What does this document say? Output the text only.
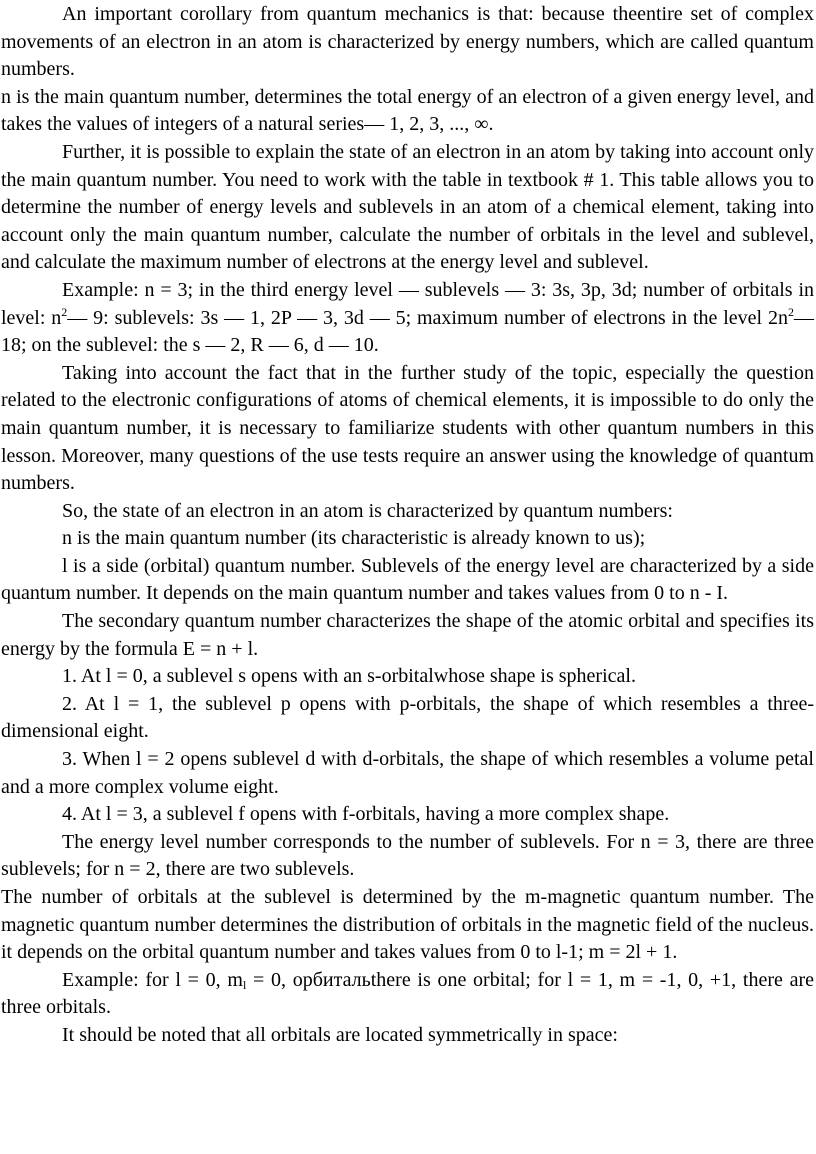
An important corollary from quantum mechanics is that: because theentire set of complex movements of an electron in an atom is characterized by energy numbers, which are called quantum numbers.

n is the main quantum number, determines the total energy of an electron of a given energy level, and takes the values of integers of a natural series— 1, 2, 3, ..., ∞.

Further, it is possible to explain the state of an electron in an atom by taking into account only the main quantum number. You need to work with the table in textbook # 1. This table allows you to determine the number of energy levels and sublevels in an atom of a chemical element, taking into account only the main quantum number, calculate the number of orbitals in the level and sublevel, and calculate the maximum number of electrons at the energy level and sublevel.

Example: n = 3; in the third energy level — sublevels — 3: 3s, 3p, 3d; number of orbitals in level: $n^2—$ 9: sublevels: 3s — 1, 2P — 3, 3d — 5; maximum number of electrons in the level $2n^2—$ 18; on the sublevel: the s — 2, R — 6, d — 10.

Taking into account the fact that in the further study of the topic, especially the question related to the electronic configurations of atoms of chemical elements, it is impossible to do only the main quantum number, it is necessary to familiarize students with other quantum numbers in this lesson. Moreover, many questions of the use tests require an answer using the knowledge of quantum numbers.

So, the state of an electron in an atom is characterized by quantum numbers:

n is the main quantum number (its characteristic is already known to us);

l is a side (orbital) quantum number. Sublevels of the energy level are characterized by a side quantum number. It depends on the main quantum number and takes values from 0 to n - I.

The secondary quantum number characterizes the shape of the atomic orbital and specifies its energy by the formula E = n + l.

1. At l = 0, a sublevel s opens with an s-orbitalwhose shape is spherical.

2. At l = 1, the sublevel p opens with p-orbitals, the shape of which resembles a three-dimensional eight.

3. When l = 2 opens sublevel d with d-orbitals, the shape of which resembles a volume petal and a more complex volume eight.

4. At l = 3, a sublevel f opens with f-orbitals, having a more complex shape.

The energy level number corresponds to the number of sublevels. For n = 3, there are three sublevels; for n = 2, there are two sublevels.

The number of orbitals at the sublevel is determined by the m-magnetic quantum number. The magnetic quantum number determines the distribution of orbitals in the magnetic field of the nucleus. it depends on the orbital quantum number and takes values from 0 to l-1; m = 2l + 1.

Example: for l = 0, $m_l = 0$, орбитальthere is one orbital; for l = 1, m = -1, 0, +1, there are three orbitals.

It should be noted that all orbitals are located symmetrically in space:
